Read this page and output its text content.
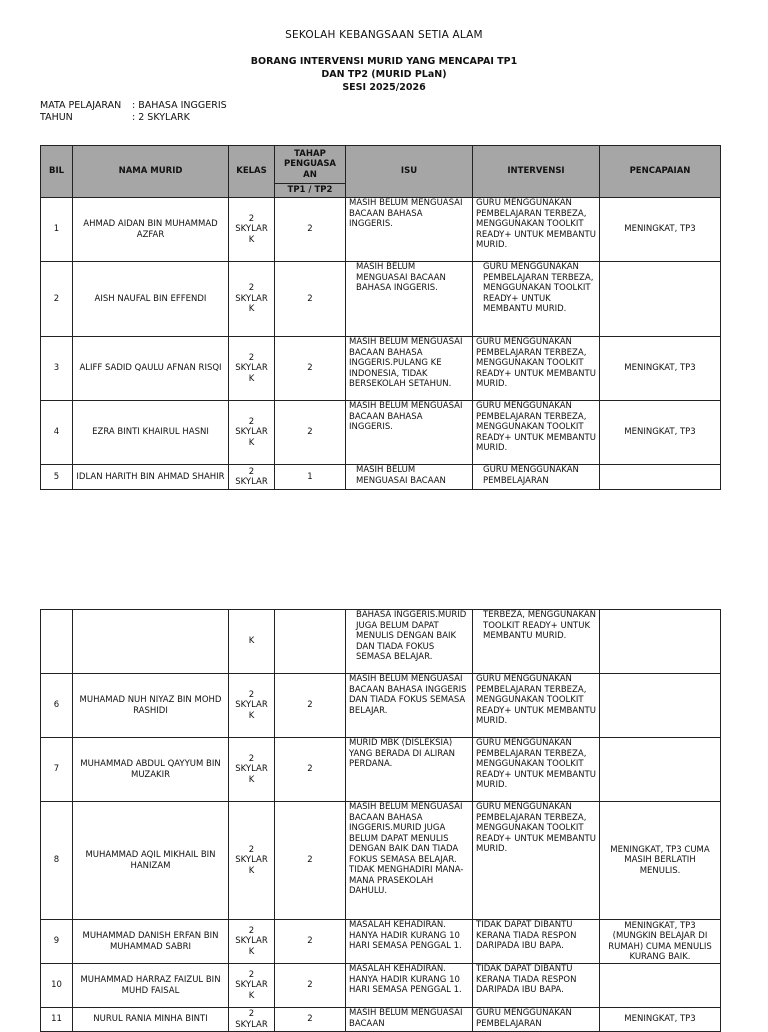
SEKOLAH KEBANGSAAN SETIA ALAM
BORANG INTERVENSI MURID YANG MENCAPAI TP1
DAN TP2 (MURID PLaN)
SESI 2025/2026
MATA PELAJARAN : BAHASA INGGERIS
TAHUN	: 2 SKYLARK
BIL	NAMA MURID	KELAS	TAHAP PENGUASA AN	ISU	INTERVENSI	PENCAPAIAN
			TP1 / TP2			
1	AHMAD AIDAN BIN MUHAMMAD AZFAR	2 SKYLAR K	2	MASIH BELUM MENGUASAI BACAAN BAHASA INGGERIS.	GURU MENGGUNAKAN PEMBELAJARAN TERBEZA, MENGGUNAKAN TOOLKIT READY+ UNTUK MEMBANTU MURID.	MENINGKAT, TP3
2	AISH NAUFAL BIN EFFENDI	2 SKYLAR K	2	MASIH BELUM MENGUASAI BACAAN BAHASA INGGERIS.	GURU MENGGUNAKAN PEMBELAJARAN TERBEZA, MENGGUNAKAN TOOLKIT READY+ UNTUK MEMBANTU MURID.	
3	ALIFF SADID QAULU AFNAN RISQI	2 SKYLAR K	2	MASIH BELUM MENGUASAI BACAAN BAHASA INGGERIS.PULANG KE INDONESIA, TIDAK BERSEKOLAH SETAHUN.	GURU MENGGUNAKAN PEMBELAJARAN TERBEZA, MENGGUNAKAN TOOLKIT READY+ UNTUK MEMBANTU MURID.	MENINGKAT, TP3
4	EZRA BINTI KHAIRUL HASNI	2 SKYLAR K	2	MASIH BELUM MENGUASAI BACAAN BAHASA INGGERIS.	GURU MENGGUNAKAN PEMBELAJARAN TERBEZA, MENGGUNAKAN TOOLKIT READY+ UNTUK MEMBANTU MURID.	MENINGKAT, TP3
5	IDLAN HARITH BIN AHMAD SHAHIR	2 SKYLAR	1	MASIH BELUM MENGUASAI BACAAN	GURU MENGGUNAKAN PEMBELAJARAN	
		K		BAHASA INGGERIS.MURID JUGA BELUM DAPAT MENULIS DENGAN BAIK DAN TIADA FOKUS SEMASA BELAJAR.	TERBEZA, MENGGUNAKAN TOOLKIT READY+ UNTUK MEMBANTU MURID.	
6	MUHAMAD NUH NIYAZ BIN MOHD RASHIDI	2 SKYLAR K	2	MASIH BELUM MENGUASAI BACAAN BAHASA INGGERIS DAN TIADA FOKUS SEMASA BELAJAR.	GURU MENGGUNAKAN PEMBELAJARAN TERBEZA, MENGGUNAKAN TOOLKIT READY+ UNTUK MEMBANTU MURID.	
7	MUHAMMAD ABDUL QAYYUM BIN MUZAKIR	2 SKYLAR K	2	MURID MBK (DISLEKSIA) YANG BERADA DI ALIRAN PERDANA.	GURU MENGGUNAKAN PEMBELAJARAN TERBEZA, MENGGUNAKAN TOOLKIT READY+ UNTUK MEMBANTU MURID.	
8	MUHAMMAD AQIL MIKHAIL BIN HANIZAM	2 SKYLAR K	2	MASIH BELUM MENGUASAI BACAAN BAHASA INGGERIS.MURID JUGA BELUM DAPAT MENULIS DENGAN BAIK DAN TIADA FOKUS SEMASA BELAJAR. TIDAK MENGHADIRI MANA-MANA PRASEKOLAH DAHULU.	GURU MENGGUNAKAN PEMBELAJARAN TERBEZA, MENGGUNAKAN TOOLKIT READY+ UNTUK MEMBANTU MURID.	MENINGKAT, TP3 CUMA MASIH BERLATIH MENULIS.
9	MUHAMMAD DANISH ERFAN BIN MUHAMMAD SABRI	2 SKYLAR K	2	MASALAH KEHADIRAN. HANYA HADIR KURANG 10 HARI SEMASA PENGGAL 1.	TIDAK DAPAT DIBANTU KERANA TIADA RESPON DARIPADA IBU BAPA.	MENINGKAT, TP3 (MUNGKIN BELAJAR DI RUMAH) CUMA MENULIS KURANG BAIK.
10	MUHAMMAD HARRAZ FAIZUL BIN MUHD FAISAL	2 SKYLAR K	2	MASALAH KEHADIRAN. HANYA HADIR KURANG 10 HARI SEMASA PENGGAL 1.	TIDAK DAPAT DIBANTU KERANA TIADA RESPON DARIPADA IBU BAPA.	
11	NURUL RANIA MINHA BINTI	2 SKYLAR	2	MASIH BELUM MENGUASAI BACAAN	GURU MENGGUNAKAN PEMBELAJARAN	MENINGKAT, TP3
